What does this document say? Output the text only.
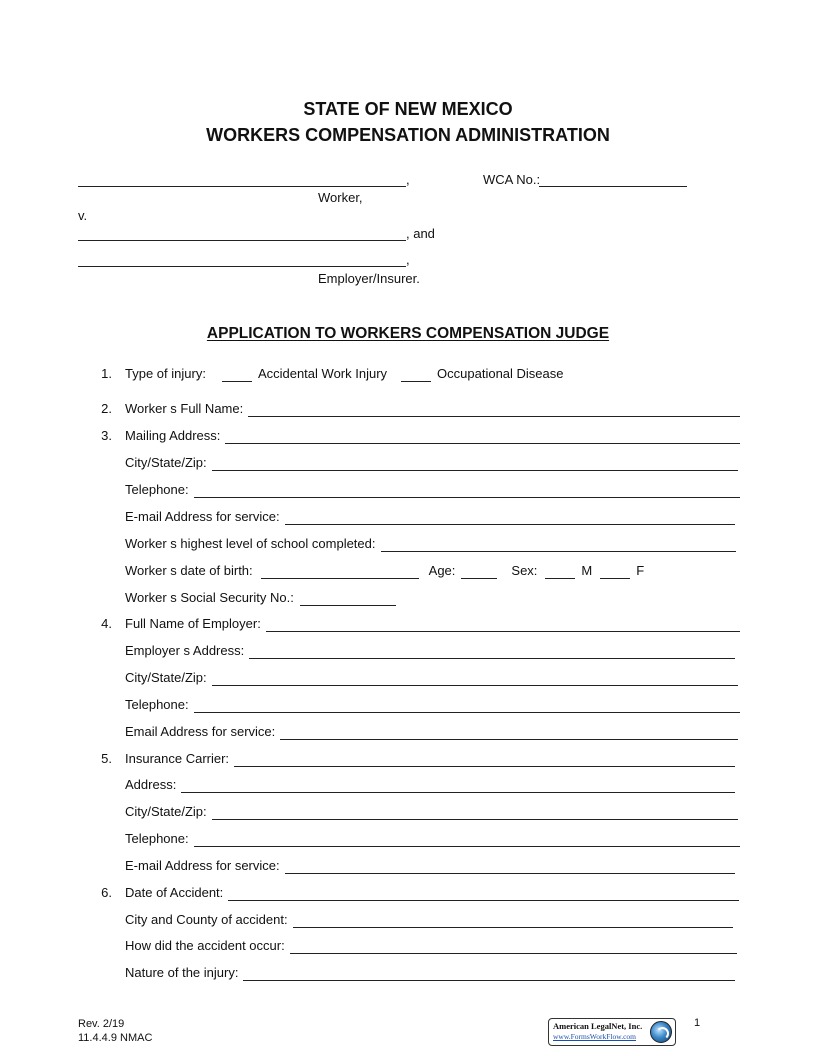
STATE OF NEW MEXICO
WORKERS COMPENSATION ADMINISTRATION
,	WCA No.:
Worker,
v.
, and
,
Employer/Insurer.
APPLICATION TO WORKERS COMPENSATION JUDGE
1. Type of injury:	Accidental Work Injury	Occupational Disease
2. Worker s Full Name:
3. Mailing Address:
City/State/Zip:
Telephone:
E-mail Address for service:
Worker s highest level of school completed:
Worker s date of birth:	Age:	Sex:	M	F
Worker s Social Security No.:
4. Full Name of Employer:
Employer s Address:
City/State/Zip:
Telephone:
Email Address for service:
5. Insurance Carrier:
Address:
City/State/Zip:
Telephone:
E-mail Address for service:
6. Date of Accident:
City and County of accident:
How did the accident occur:
Nature of the injury:
Rev. 2/19
11.4.4.9 NMAC
American LegalNet, Inc.
www.FormsWorkFlow.com
1
